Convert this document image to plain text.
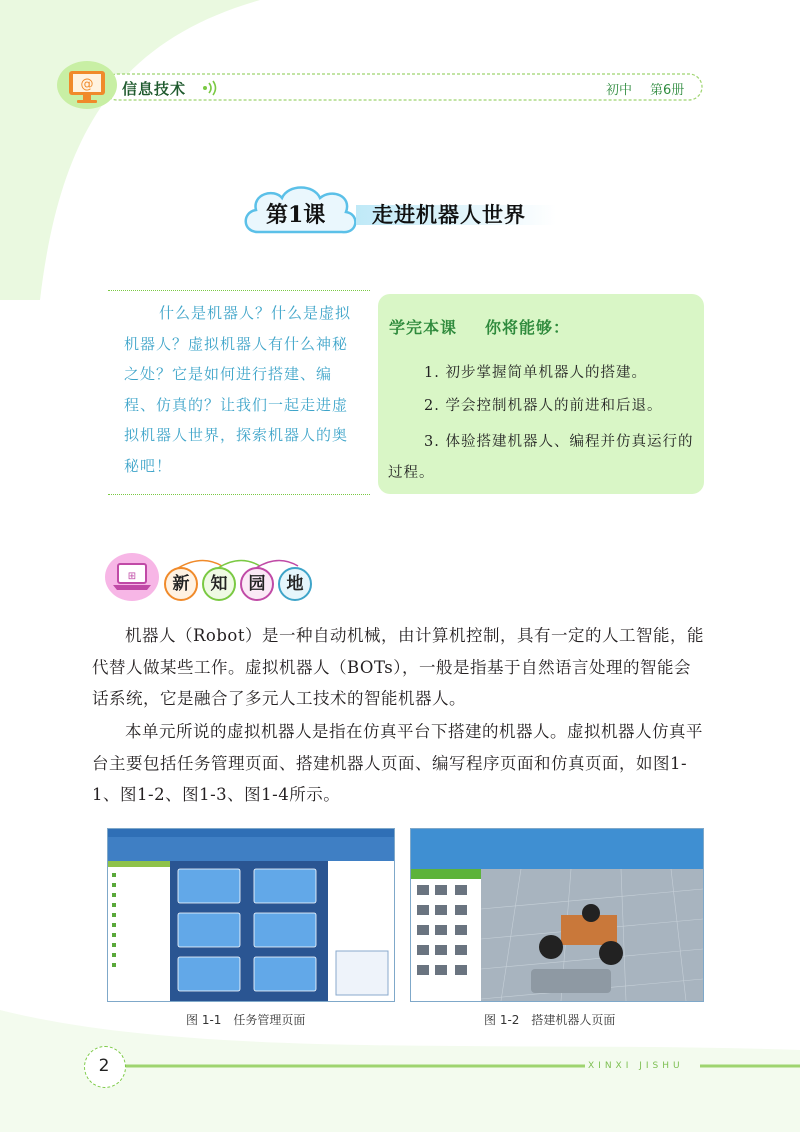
@ 信息技术	初中 第6册
第1课 走进机器人世界
什么是机器人？什么是虚拟机器人？虚拟机器人有什么神秘之处？它是如何进行搭建、编程、仿真的？让我们一起走进虚拟机器人世界，探索机器人的奥秘吧！
学完本课 你将能够：
1. 初步掌握简单机器人的搭建。
2. 学会控制机器人的前进和后退。
3. 体验搭建机器人、编程并仿真运行的过程。
⊞	新	知	园	地
机器人（Robot）是一种自动机械，由计算机控制，具有一定的人工智能，能代替人做某些工作。虚拟机器人（BOTs），一般是指基于自然语言处理的智能会话系统，它是融合了多元人工技术的智能机器人。
本单元所说的虚拟机器人是指在仿真平台下搭建的机器人。虚拟机器人仿真平台主要包括任务管理页面、搭建机器人页面、编写程序页面和仿真页面，如图1-1、图1-2、图1-3、图1-4所示。
图 1-1　任务管理页面	图 1-2　搭建机器人页面
2	XINXI JISHU
